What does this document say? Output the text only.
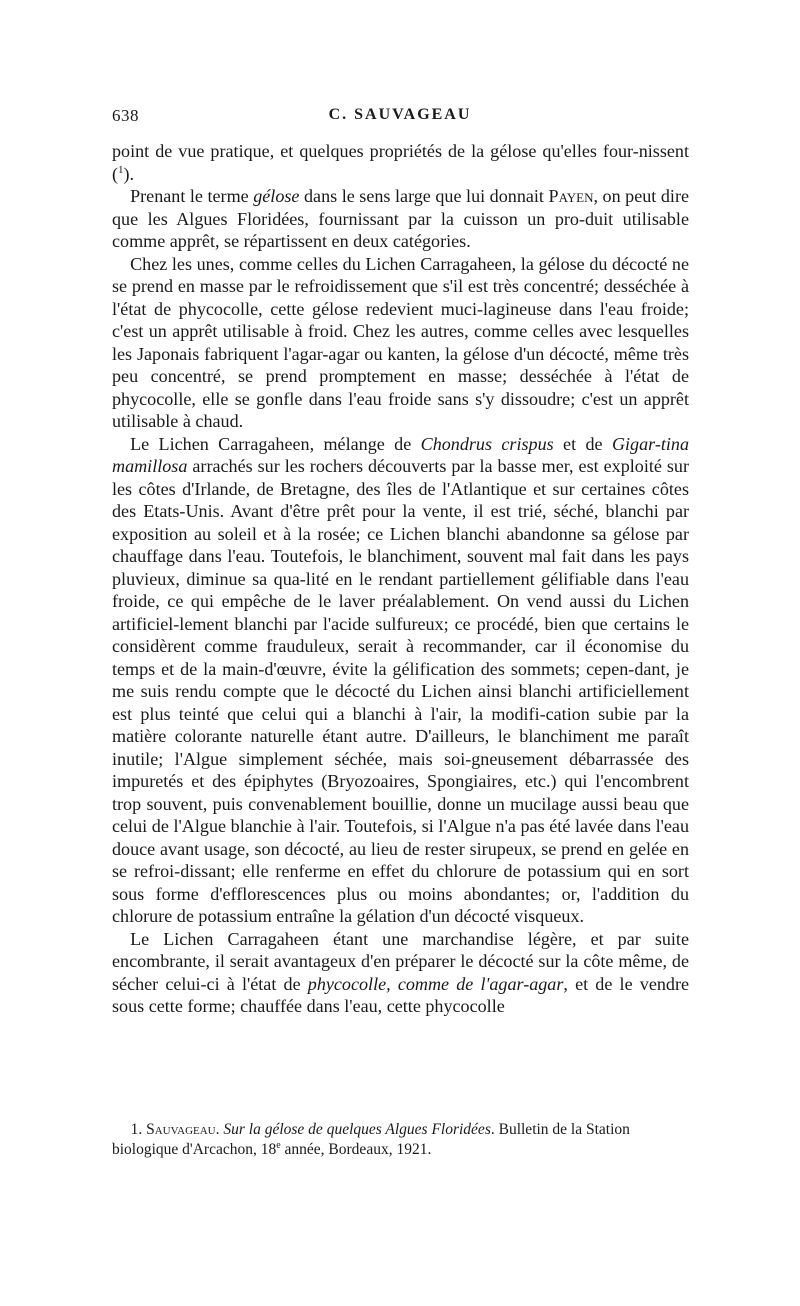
638	C. SAUVAGEAU

point de vue pratique, et quelques propriétés de la gélose qu'elles four-nissent ($^1$).

Prenant le terme gélose dans le sens large que lui donnait Payen, on peut dire que les Algues Floridées, fournissant par la cuisson un pro-duit utilisable comme apprêt, se répartissent en deux catégories.

Chez les unes, comme celles du Lichen Carragaheen, la gélose du décocté ne se prend en masse par le refroidissement que s'il est très concentré; desséchée à l'état de phycocolle, cette gélose redevient muci-lagineuse dans l'eau froide; c'est un apprêt utilisable à froid. Chez les autres, comme celles avec lesquelles les Japonais fabriquent l'agar-agar ou kanten, la gélose d'un décocté, même très peu concentré, se prend promptement en masse; desséchée à l'état de phycocolle, elle se gonfle dans l'eau froide sans s'y dissoudre; c'est un apprêt utilisable à chaud.

Le Lichen Carragaheen, mélange de Chondrus crispus et de Gigar-tina mamillosa arrachés sur les rochers découverts par la basse mer, est exploité sur les côtes d'Irlande, de Bretagne, des îles de l'Atlantique et sur certaines côtes des Etats-Unis. Avant d'être prêt pour la vente, il est trié, séché, blanchi par exposition au soleil et à la rosée; ce Lichen blanchi abandonne sa gélose par chauffage dans l'eau. Toutefois, le blanchiment, souvent mal fait dans les pays pluvieux, diminue sa qua-lité en le rendant partiellement gélifiable dans l'eau froide, ce qui empêche de le laver préalablement. On vend aussi du Lichen artificiel-lement blanchi par l'acide sulfureux; ce procédé, bien que certains le considèrent comme frauduleux, serait à recommander, car il économise du temps et de la main-d'œuvre, évite la gélification des sommets; cepen-dant, je me suis rendu compte que le décocté du Lichen ainsi blanchi artificiellement est plus teinté que celui qui a blanchi à l'air, la modifi-cation subie par la matière colorante naturelle étant autre. D'ailleurs, le blanchiment me paraît inutile; l'Algue simplement séchée, mais soi-gneusement débarrassée des impuretés et des épiphytes (Bryozoaires, Spongiaires, etc.) qui l'encombrent trop souvent, puis convenablement bouillie, donne un mucilage aussi beau que celui de l'Algue blanchie à l'air. Toutefois, si l'Algue n'a pas été lavée dans l'eau douce avant usage, son décocté, au lieu de rester sirupeux, se prend en gelée en se refroi-dissant; elle renferme en effet du chlorure de potassium qui en sort sous forme d'efflorescences plus ou moins abondantes; or, l'addition du chlorure de potassium entraîne la gélation d'un décocté visqueux.

Le Lichen Carragaheen étant une marchandise légère, et par suite encombrante, il serait avantageux d'en préparer le décocté sur la côte même, de sécher celui-ci à l'état de phycocolle, comme de l'agar-agar, et de le vendre sous cette forme; chauffée dans l'eau, cette phycocolle

1. Sauvageau. Sur la gélose de quelques Algues Floridées. Bulletin de la Station biologique d'Arcachon, 18e année, Bordeaux, 1921.
